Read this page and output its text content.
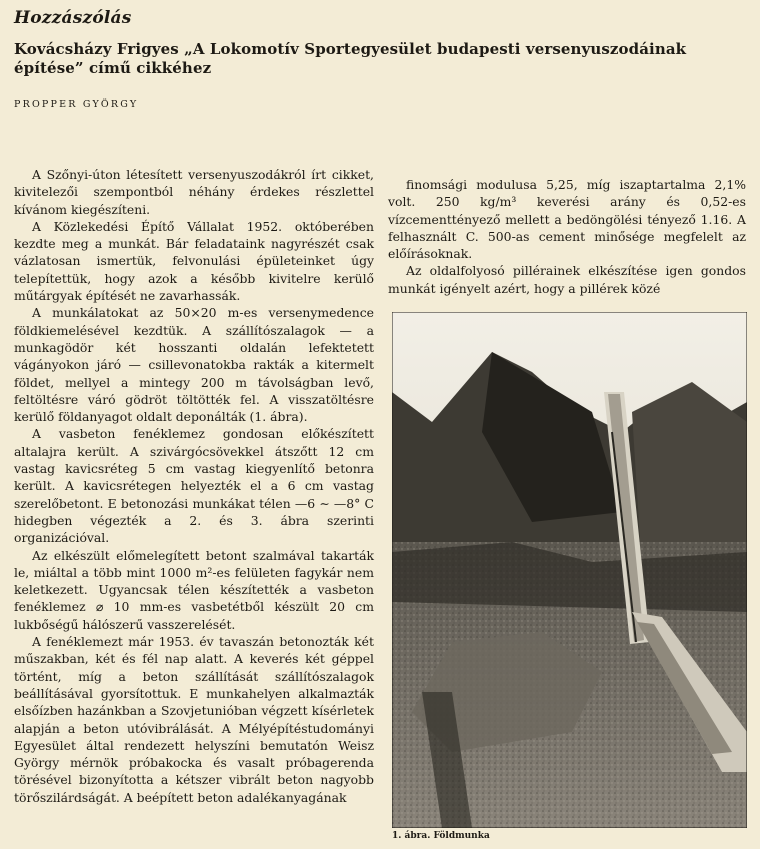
Hozzászólás
Kovácsházy Frigyes „A Lokomotív Sportegyesület budapesti versenyuszodáinak építése” című cikkéhez
PROPPER GYÖRGY

A Szőnyi-úton létesített versenyuszodákról írt cikket, kivitelezői szempontból néhány érdekes részlettel kívánom kiegészíteni.

A Közlekedési Építő Vállalat 1952. októberében kezdte meg a munkát. Bár feladataink nagyrészét csak vázlatosan ismertük, felvonulási épületeinket úgy telepítettük, hogy azok a később kivitelre kerülő műtárgyak építését ne zavarhassák.

A munkálatokat az 50×20 m-es versenymedence földkiemelésével kezdtük. A szállítószalagok — a munkagödör két hosszanti oldalán lefektetett vágányokon járó — csillevonatokba rakták a kitermelt földet, mellyel a mintegy 200 m távolságban levő, feltöltésre váró gödröt töltötték fel. A visszatöltésre kerülő földanyagot oldalt deponálták (1. ábra).

A vasbeton fenéklemez gondosan előkészített altalajra került. A szivárgócsövekkel átszőtt 12 cm vastag kavicsréteg 5 cm vastag kiegyenlítő betonra került. A kavicsrétegen helyezték el a 6 cm vastag szerelőbetont. E betonozási munkákat télen —6 ∼ —8° C hidegben végezték a 2. és 3. ábra szerinti organizációval.

Az elkészült előmelegített betont szalmával takarták le, miáltal a több mint 1000 m²-es felületen fagykár nem keletkezett. Ugyancsak télen készítették a vasbeton fenéklemez ⌀ 10 mm-es vasbetétből készült 20 cm lukbőségű hálószerű vasszerelését.

A fenéklemezt már 1953. év tavaszán betonozták két műszakban, két és fél nap alatt. A keverés két géppel történt, míg a beton szállítását szállítószalagok beállításával gyorsítottuk. E munkahelyen alkalmazták elsőízben hazánkban a Szovjetunióban végzett kísérletek alapján a beton utóvibrálását. A Mélyépítéstudományi Egyesület által rendezett helyszíni bemutatón Weisz György mérnök próbakocka és vasalt próbagerenda törésével bizonyította a kétszer vibrált beton nagyobb törőszilárdságát. A beépített beton adalékanyagának

finomsági modulusa 5,25, míg iszaptartalma 2,1% volt. 250 kg/m³ keverési arány és 0,52-es vízcementtényező mellett a bedöngölési tényező 1.16. A felhasznált C. 500-as cement minősége megfelelt az előírásoknak.

Az oldalfolyosó pillérainek elkészítése igen gondos munkát igényelt azért, hogy a pillérek közé

1. ábra. Földmunka
